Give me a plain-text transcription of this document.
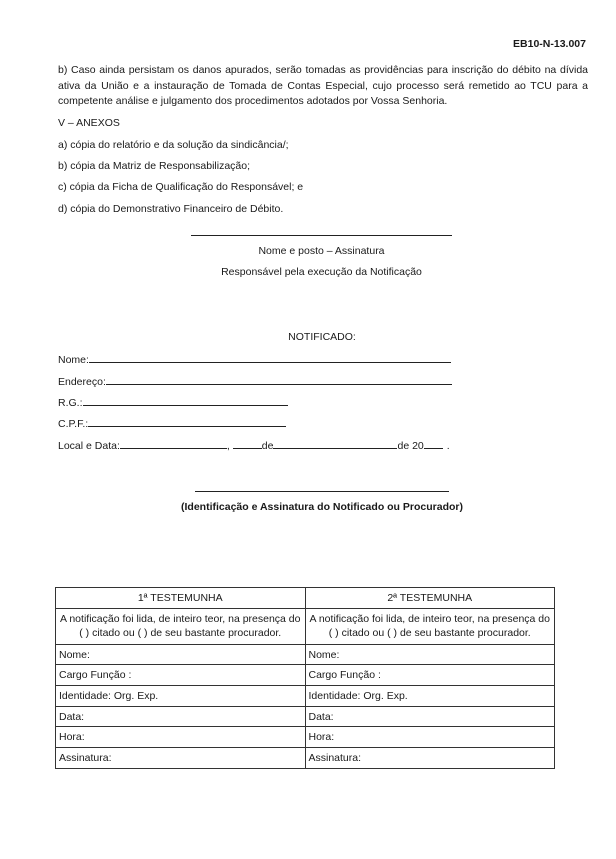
EB10-N-13.007
b) Caso ainda persistam os danos apurados, serão tomadas as providências para inscrição do débito na dívida ativa da União e a instauração de Tomada de Contas Especial, cujo processo será remetido ao TCU para a competente análise e julgamento dos procedimentos adotados por Vossa Senhoria.
V – ANEXOS
a) cópia do relatório e da solução da sindicância/;
b) cópia da Matriz de Responsabilização;
c) cópia da Ficha de Qualificação do Responsável; e
d) cópia do Demonstrativo Financeiro de Débito.
Nome e posto – Assinatura
Responsável pela execução da Notificação
NOTIFICADO:
Nome:
Endereço:
R.G.:
C.P.F.:
Local e Data:	,	de	de 20 .
(Identificação e Assinatura do Notificado ou Procurador)
1ª TESTEMUNHA	2ª TESTEMUNHA
A notificação foi lida, de inteiro teor, na presença do ( ) citado ou ( ) de seu bastante procurador.	A notificação foi lida, de inteiro teor, na presença do ( ) citado ou ( ) de seu bastante procurador.
Nome:	Nome:
Cargo Função :	Cargo Função :
Identidade: Org. Exp.	Identidade: Org. Exp.
Data:	Data:
Hora:	Hora:
Assinatura:	Assinatura:
